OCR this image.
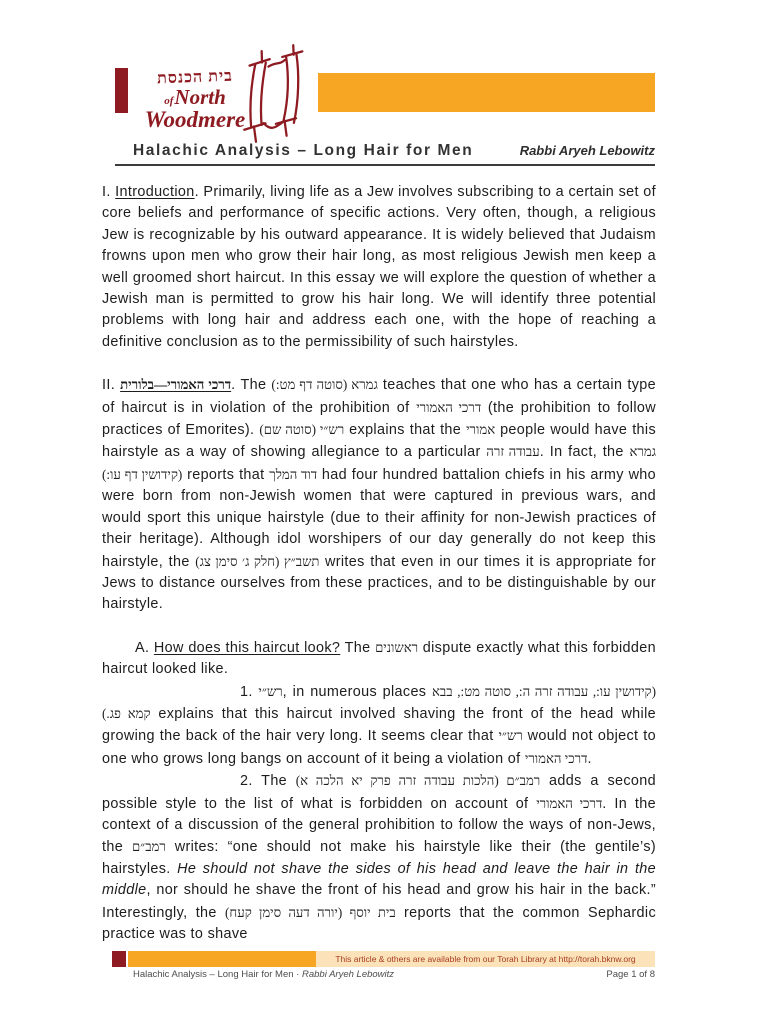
בית הכנסת
ofNorth
Woodmere
Halachic Analysis – Long Hair for Men	Rabbi Aryeh Lebowitz

I. Introduction. Primarily, living life as a Jew involves subscribing to a certain set of core beliefs and performance of specific actions. Very often, though, a religious Jew is recognizable by his outward appearance. It is widely believed that Judaism frowns upon men who grow their hair long, as most religious Jewish men keep a well groomed short haircut. In this essay we will explore the question of whether a Jewish man is permitted to grow his hair long. We will identify three potential problems with long hair and address each one, with the hope of reaching a definitive conclusion as to the permissibility of such hairstyles.

II. דרכי האמורי—בלורית. The גמרא (סוטה דף מט:) teaches that one who has a certain type of haircut is in violation of the prohibition of דרכי האמורי (the prohibition to follow practices of Emorites). רש״י (סוטה שם) explains that the אמורי people would have this hairstyle as a way of showing allegiance to a particular עבודה זרה. In fact, the גמרא (קידושין דף עו:) reports that דוד המלך had four hundred battalion chiefs in his army who were born from non-Jewish women that were captured in previous wars, and would sport this unique hairstyle (due to their affinity for non-Jewish practices of their heritage). Although idol worshipers of our day generally do not keep this hairstyle, the תשב״ץ (חלק ג׳ סימן צג) writes that even in our times it is appropriate for Jews to distance ourselves from these practices, and to be distinguishable by our hairstyle.

A. How does this haircut look? The ראשונים dispute exactly what this forbidden haircut looked like.

1. רש״י, in numerous places (קידושין עו:, עבודה זרה ה:, סוטה מט:, בבא קמא פג.) explains that this haircut involved shaving the front of the head while growing the back of the hair very long. It seems clear that רש״י would not object to one who grows long bangs on account of it being a violation of דרכי האמורי.

2. The רמב״ם (הלכות עבודה זרה פרק יא הלכה א) adds a second possible style to the list of what is forbidden on account of דרכי האמורי. In the context of a discussion of the general prohibition to follow the ways of non-Jews, the רמב״ם writes: “one should not make his hairstyle like their (the gentile’s) hairstyles. He should not shave the sides of his head and leave the hair in the middle, nor should he shave the front of his head and grow his hair in the back.” Interestingly, the בית יוסף (יורה דעה סימן קעח) reports that the common Sephardic practice was to shave

This article & others are available from our Torah Library at http://torah.bknw.org
Halachic Analysis – Long Hair for Men · Rabbi Aryeh Lebowitz	Page 1 of 8
